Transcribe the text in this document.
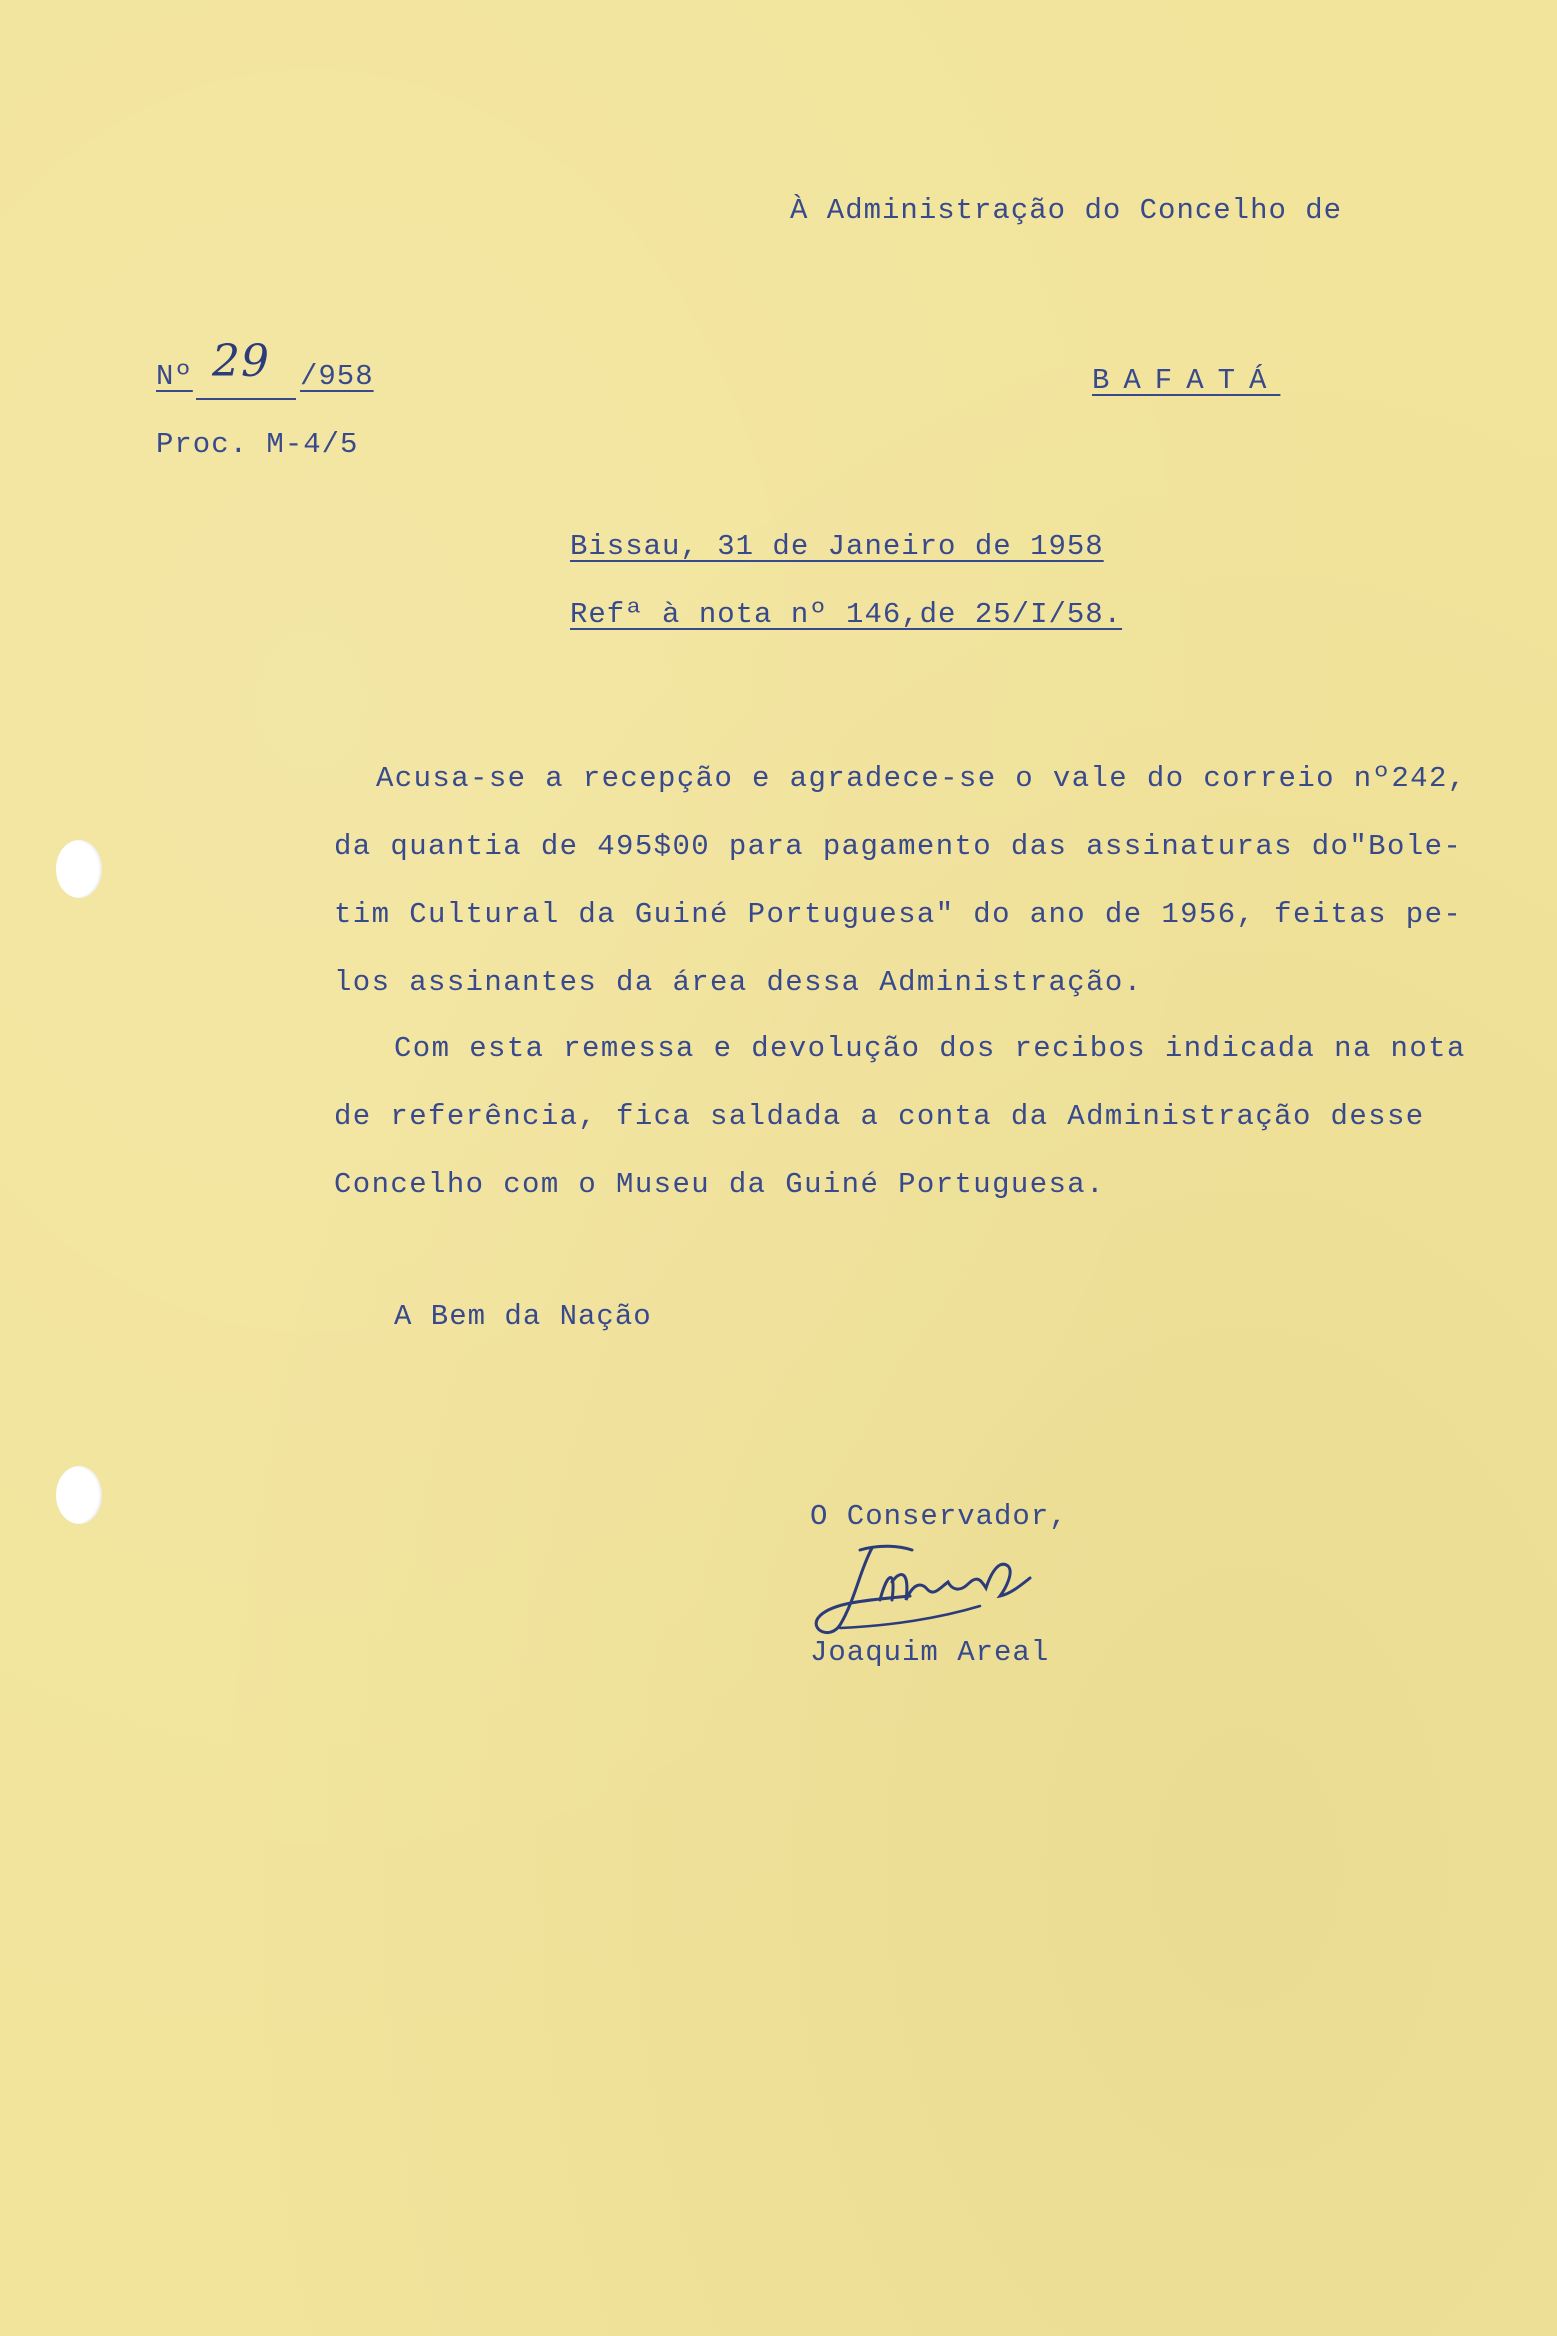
À Administração do Concelho de
Nº 29 /958	BAFATÁ
Proc. M-4/5
Bissau, 31 de Janeiro de 1958
Refª à nota nº 146,de 25/I/58.
Acusa-se a recepção e agradece-se o vale do correio nº242,
da quantia de 495$00 para pagamento das assinaturas do"Bole-
tim Cultural da Guiné Portuguesa" do ano de 1956, feitas pe-
los assinantes da área dessa Administração.
Com esta remessa e devolução dos recibos indicada na nota
de referência, fica saldada a conta da Administração desse
Concelho com o Museu da Guiné Portuguesa.
A Bem da Nação
O Conservador,
Joaquim Areal
